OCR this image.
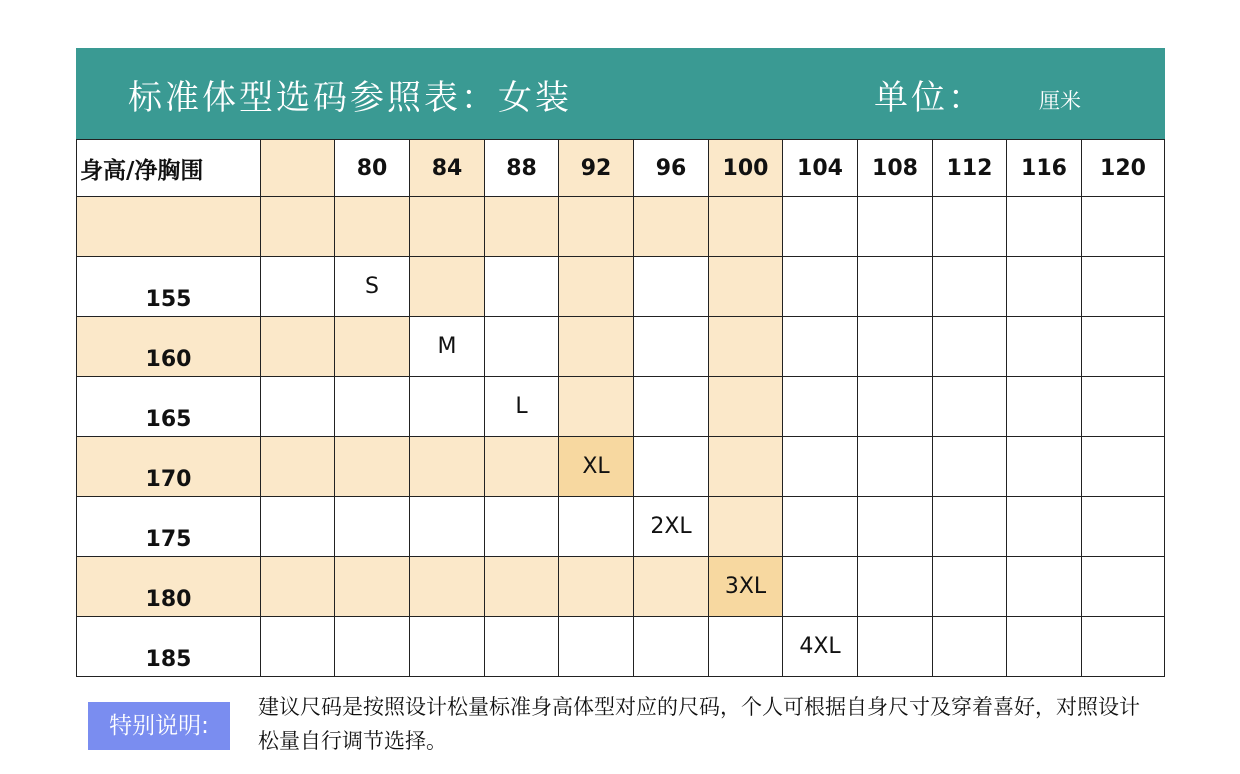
标准体型选码参照表：女装	单位：	厘米
身高/净胸围		80	84	88	92	96	100	104	108	112	116	120

155		S										
160			M									
165				L								
170					XL							
175						2XL						
180							3XL					
185								4XL				
特别说明:
建议尺码是按照设计松量标准身高体型对应的尺码，个人可根据自身尺寸及穿着喜好，对照设计松量自行调节选择。
